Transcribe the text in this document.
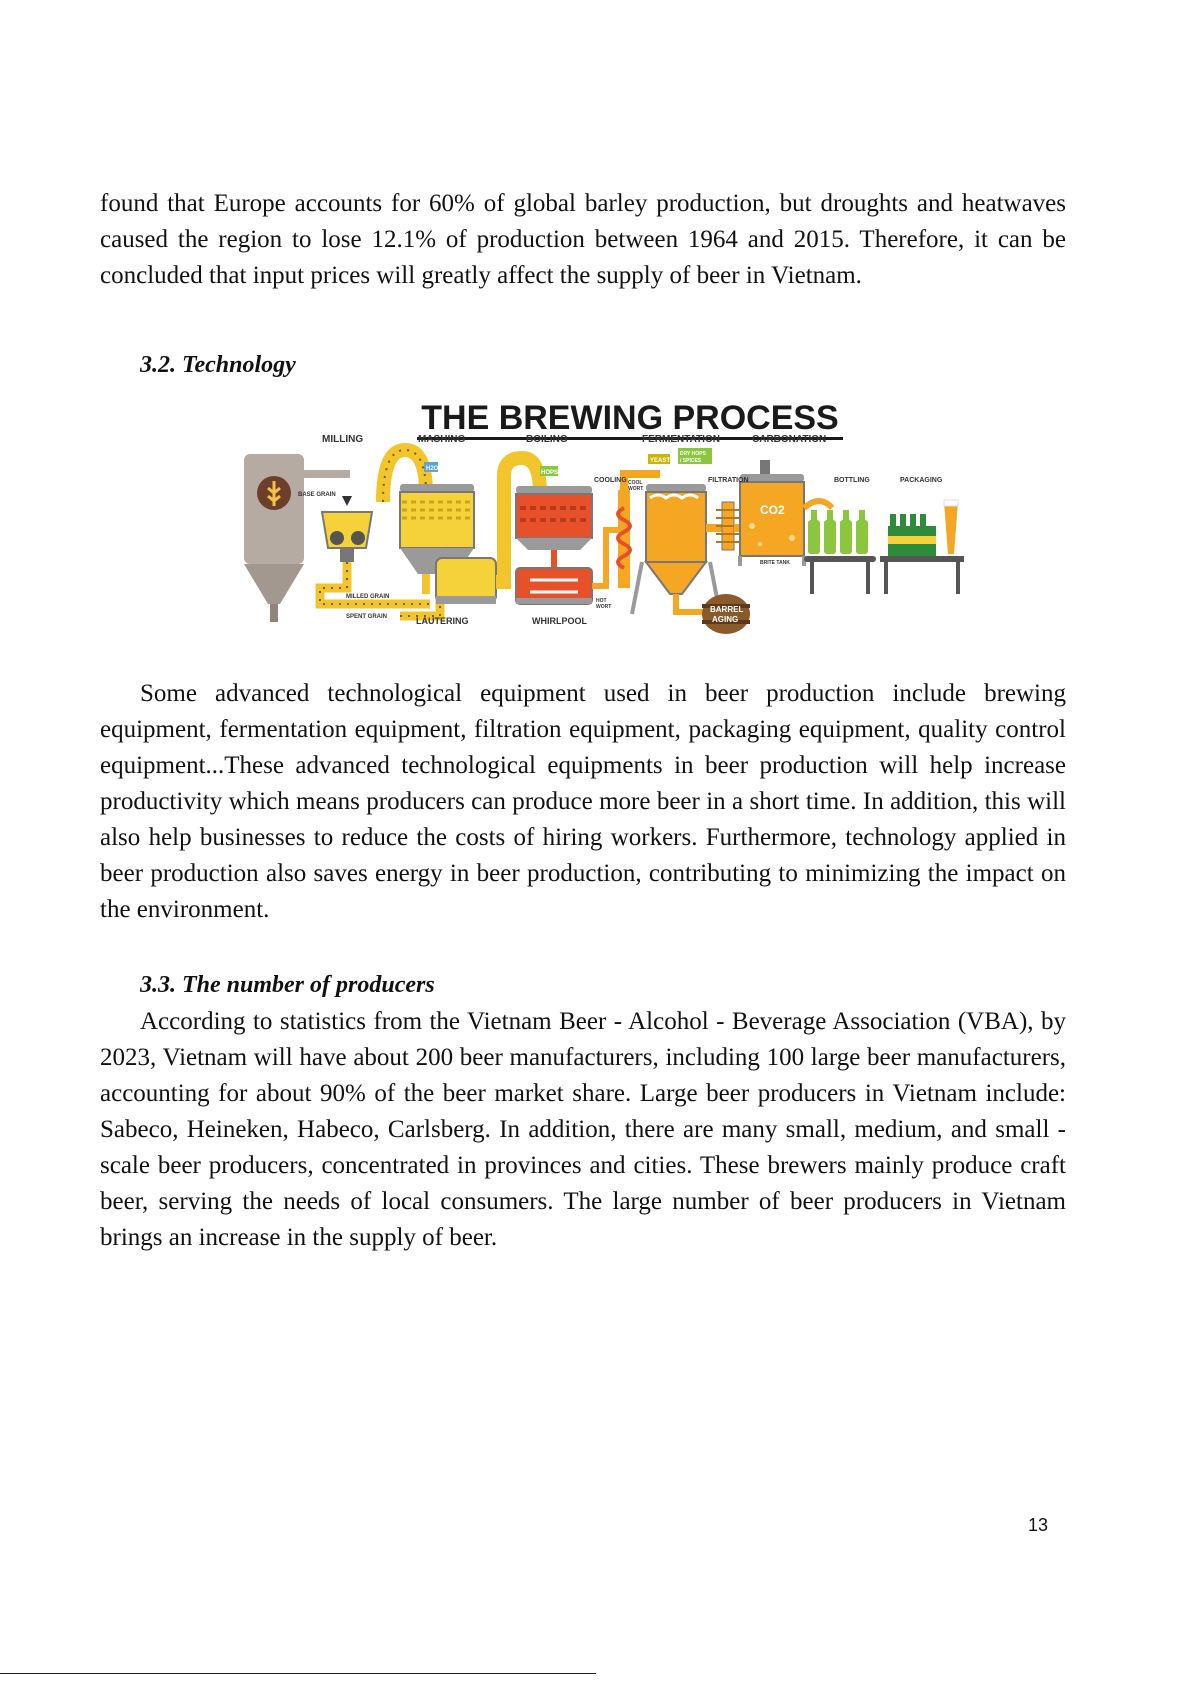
found that Europe accounts for 60% of global barley production, but droughts and heatwaves caused the region to lose 12.1% of production between 1964 and 2015. Therefore, it can be concluded that input prices will greatly affect the supply of beer in Vietnam.

3.2. Technology
THE BREWING PROCESS
MILLING	MASHING	BOILING	FERMENTATION	CARBONATION
BASE GRAIN
H2O
HOPS
YEAST
DRY HOPS
/ SPICES
COOLING COOL
WORT
FILTRATION
CO2
BRITE TANK
BOTTLING	PACKAGING
MILLED GRAIN
SPENT GRAIN	LAUTERING	WHIRLPOOL
HOT
WORT	BARREL
AGING

Some advanced technological equipment used in beer production include brewing equipment, fermentation equipment, filtration equipment, packaging equipment, quality control equipment...These advanced technological equipments in beer production will help increase productivity which means producers can produce more beer in a short time. In addition, this will also help businesses to reduce the costs of hiring workers. Furthermore, technology applied in beer production also saves energy in beer production, contributing to minimizing the impact on the environment.

3.3. The number of producers

According to statistics from the Vietnam Beer - Alcohol - Beverage Association (VBA), by 2023, Vietnam will have about 200 beer manufacturers, including 100 large beer manufacturers, accounting for about 90% of the beer market share. Large beer producers in Vietnam include: Sabeco, Heineken, Habeco, Carlsberg. In addition, there are many small, medium, and small - scale beer producers, concentrated in provinces and cities. These brewers mainly produce craft beer, serving the needs of local consumers. The large number of beer producers in Vietnam brings an increase in the supply of beer.

13
